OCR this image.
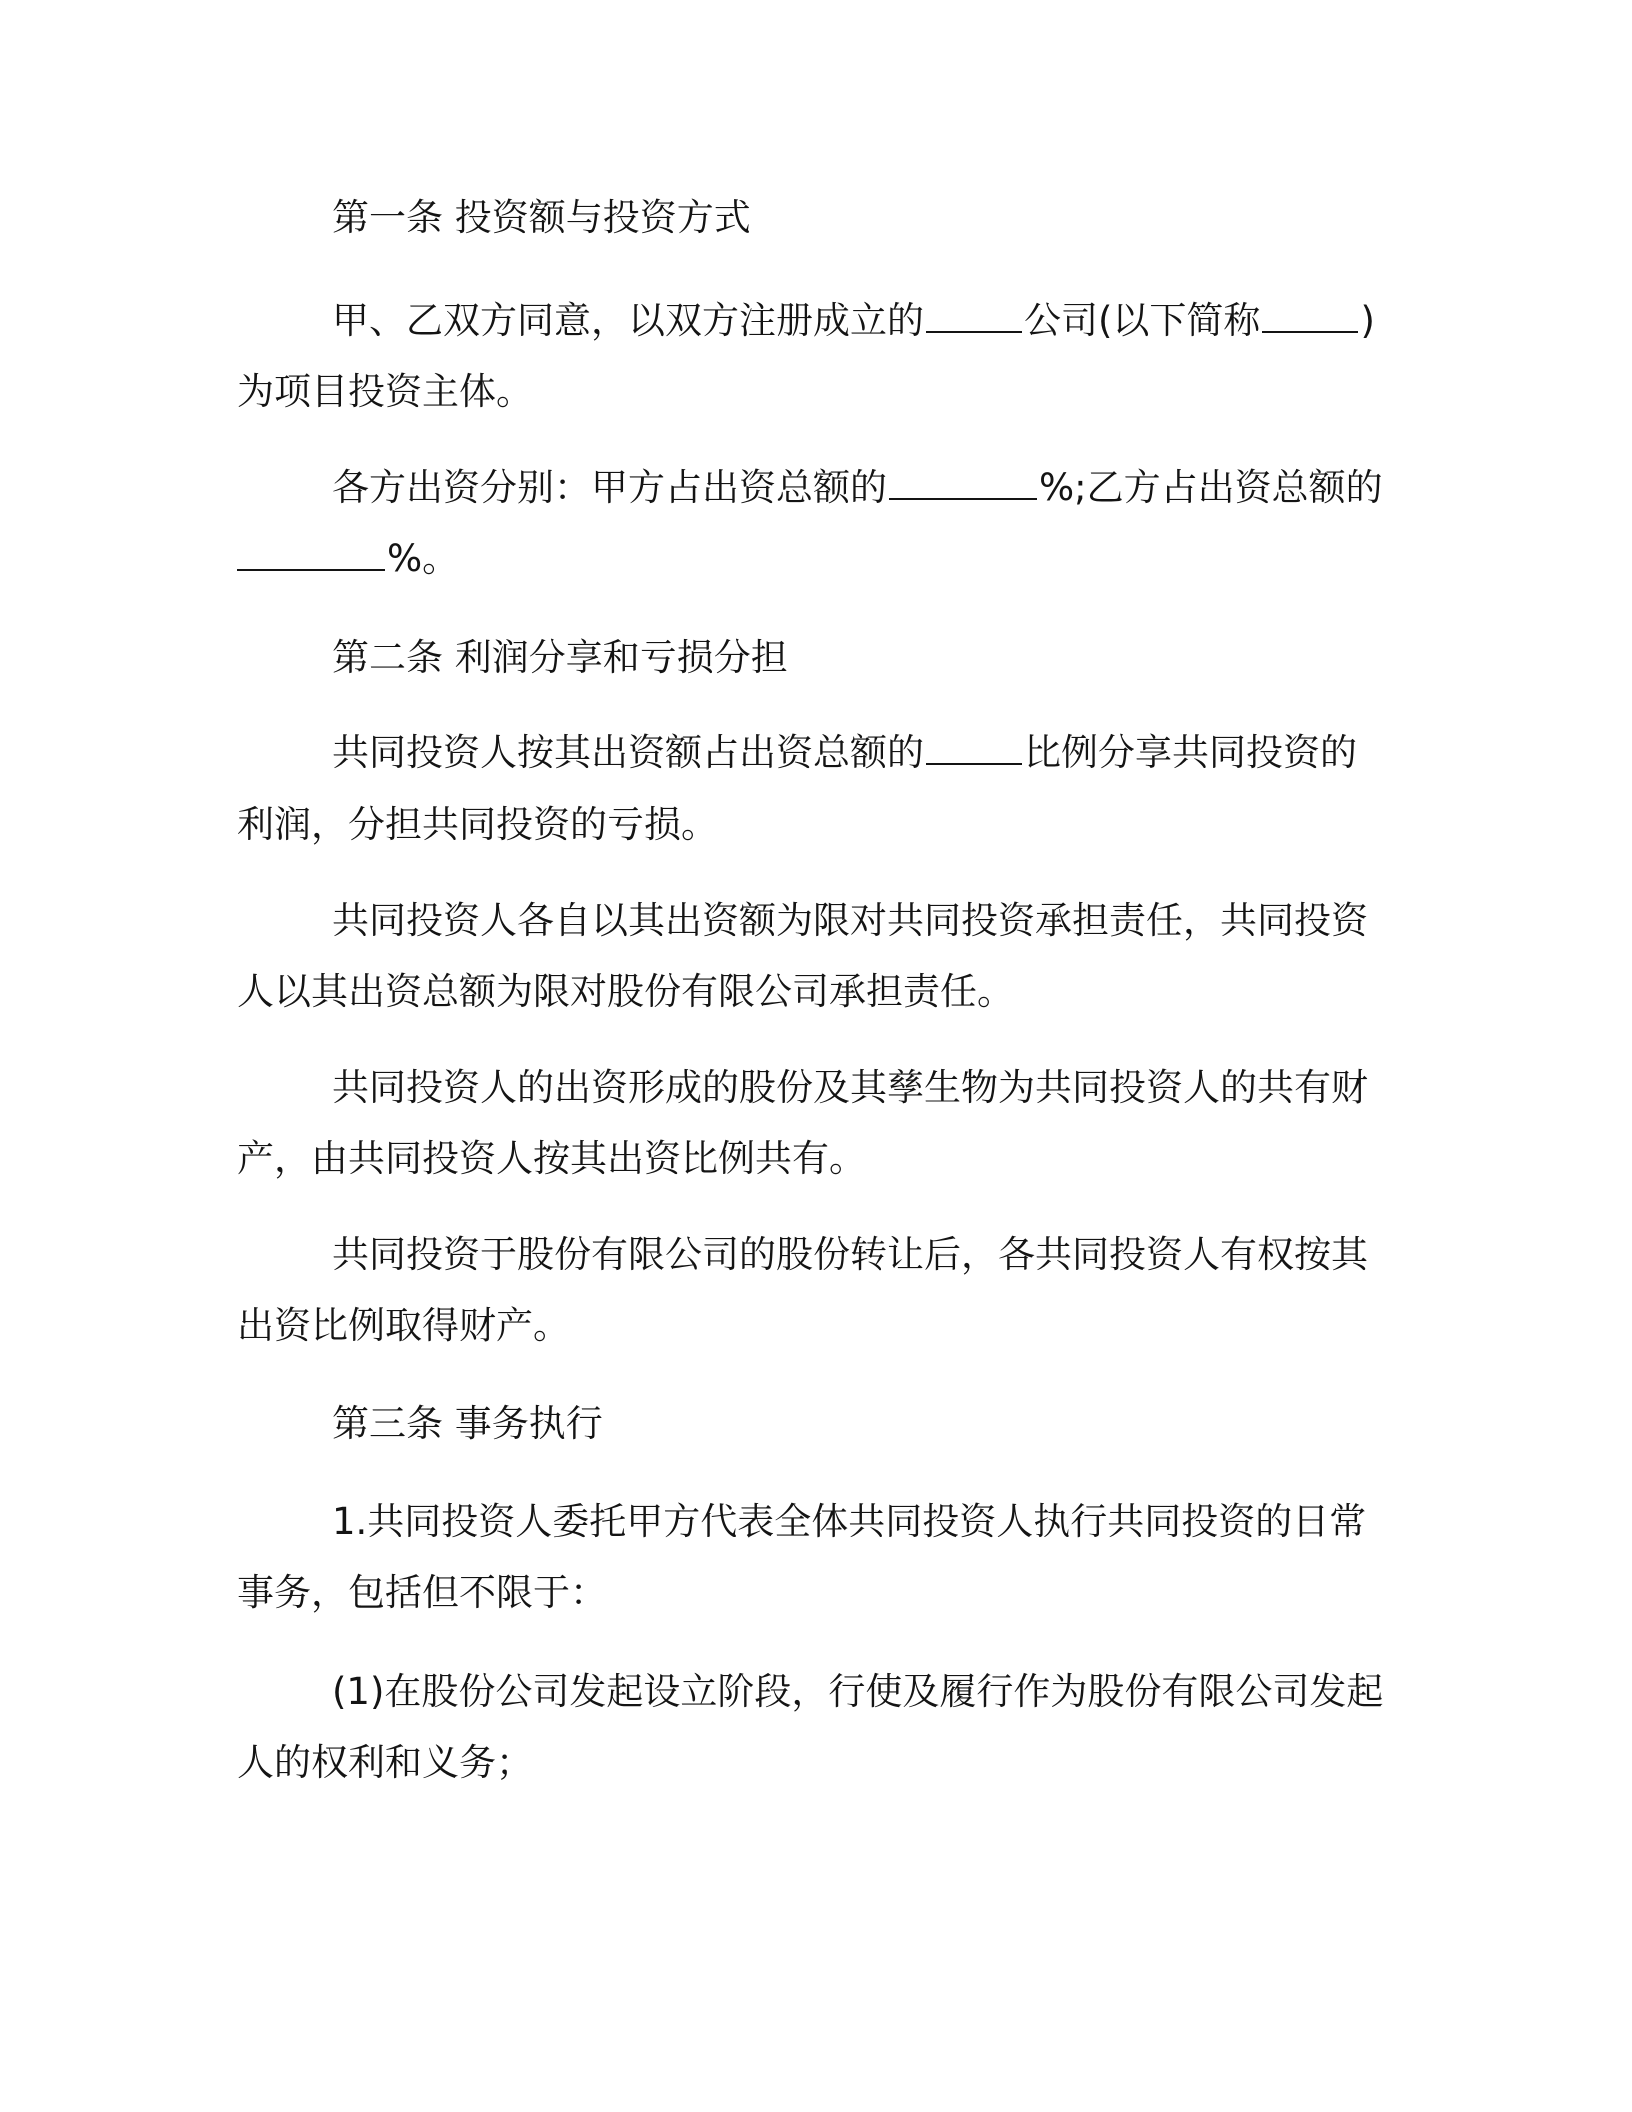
第一条 投资额与投资方式
甲、乙双方同意，以双方注册成立的	公司(以下简称	)
为项目投资主体。
各方出资分别：甲方占出资总额的	%;乙方占出资总额的
%。
第二条 利润分享和亏损分担
共同投资人按其出资额占出资总额的	比例分享共同投资的
利润，分担共同投资的亏损。
共同投资人各自以其出资额为限对共同投资承担责任，共同投资
人以其出资总额为限对股份有限公司承担责任。
共同投资人的出资形成的股份及其孳生物为共同投资人的共有财
产，由共同投资人按其出资比例共有。
共同投资于股份有限公司的股份转让后，各共同投资人有权按其
出资比例取得财产。
第三条 事务执行
1.共同投资人委托甲方代表全体共同投资人执行共同投资的日常
事务，包括但不限于：
(1)在股份公司发起设立阶段，行使及履行作为股份有限公司发起
人的权利和义务；
